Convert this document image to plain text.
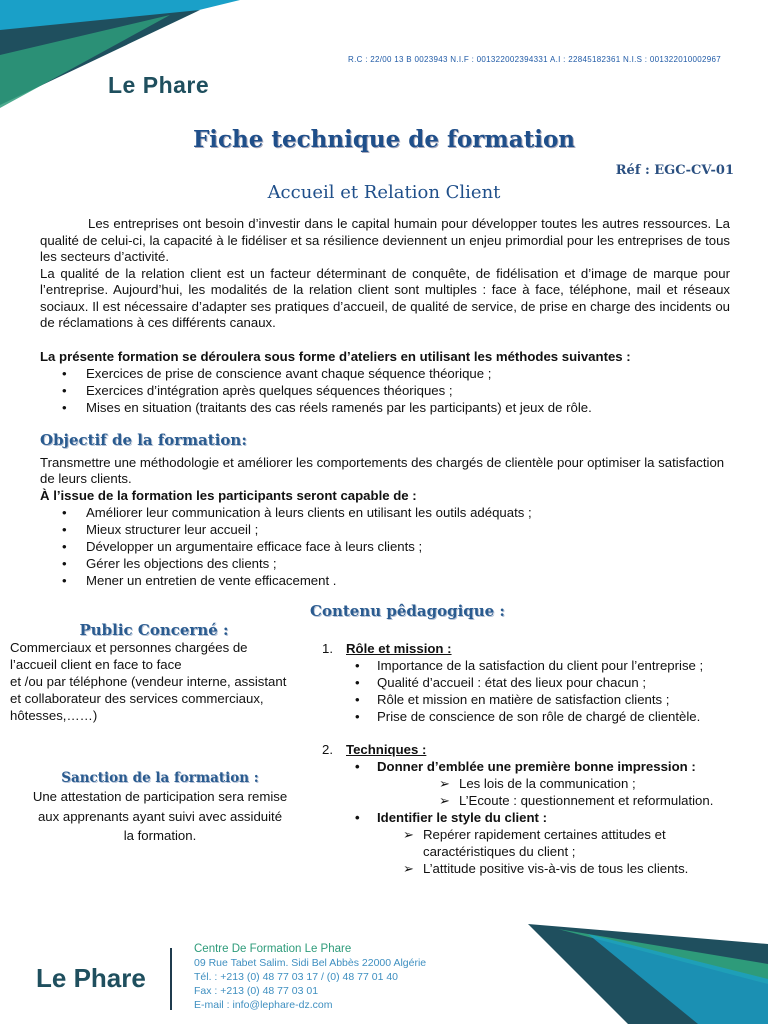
Le Phare
R.C : 22/00 13 B 0023943 N.I.F : 001322002394331 A.I : 22845182361 N.I.S : 001322010002967
Fiche technique de formation
Réf : EGC-CV-01
Accueil et Relation Client

Les entreprises ont besoin d’investir dans le capital humain pour développer toutes les autres ressources. La qualité de celui-ci, la capacité à le fidéliser et sa résilience deviennent un enjeu primordial pour les entreprises de tous les secteurs d’activité.

La qualité de la relation client est un facteur déterminant de conquête, de fidélisation et d’image de marque pour l’entreprise. Aujourd’hui, les modalités de la relation client sont multiples : face à face, téléphone, mail et réseaux sociaux. Il est nécessaire d’adapter ses pratiques d’accueil, de qualité de service, de prise en charge des incidents ou de réclamations à ces différents canaux.

La présente formation se déroulera sous forme d’ateliers en utilisant les méthodes suivantes :

• Exercices de prise de conscience avant chaque séquence théorique ;
• Exercices d’intégration après quelques séquences théoriques ;
• Mises en situation (traitants des cas réels ramenés par les participants) et jeux de rôle.
Objectif de la formation:

Transmettre une méthodologie et améliorer les comportements des chargés de clientèle pour optimiser la satisfaction de leurs clients.

À l’issue de la formation les participants seront capable de :

• Améliorer leur communication à leurs clients en utilisant les outils adéquats ;
• Mieux structurer leur accueil ;
• Développer un argumentaire efficace face à leurs clients ;
• Gérer les objections des clients ;
• Mener un entretien de vente efficacement .
Public Concerné :

Commerciaux et personnes chargées de l’accueil client en face to face

et /ou par téléphone (vendeur interne, assistant et collaborateur des services commerciaux, hôtesses,……)

Sanction de la formation :

Une attestation de participation sera remise aux apprenants ayant suivi avec assiduité la formation.

Contenu pêdagogique :
1. Rôle et mission :
• Importance de la satisfaction du client pour l’entreprise ;
• Qualité d’accueil : état des lieux pour chacun ;
• Rôle et mission en matière de satisfaction clients ;
• Prise de conscience de son rôle de chargé de clientèle.
2. Techniques :
• Donner d’emblée une première bonne impression :
➢ Les lois de la communication ;
➢ L’Ecoute : questionnement et reformulation.
• Identifier le style du client :
➢ Repérer rapidement certaines attitudes et caractéristiques du client ;
➢ L’attitude positive vis-à-vis de tous les clients.
Le Phare
Centre De Formation Le Phare
09 Rue Tabet Salim. Sidi Bel Abbès 22000 Algérie
Tél. : +213 (0) 48 77 03 17 / (0) 48 77 01 40
Fax : +213 (0) 48 77 03 01
E-mail : info@lephare-dz.com
